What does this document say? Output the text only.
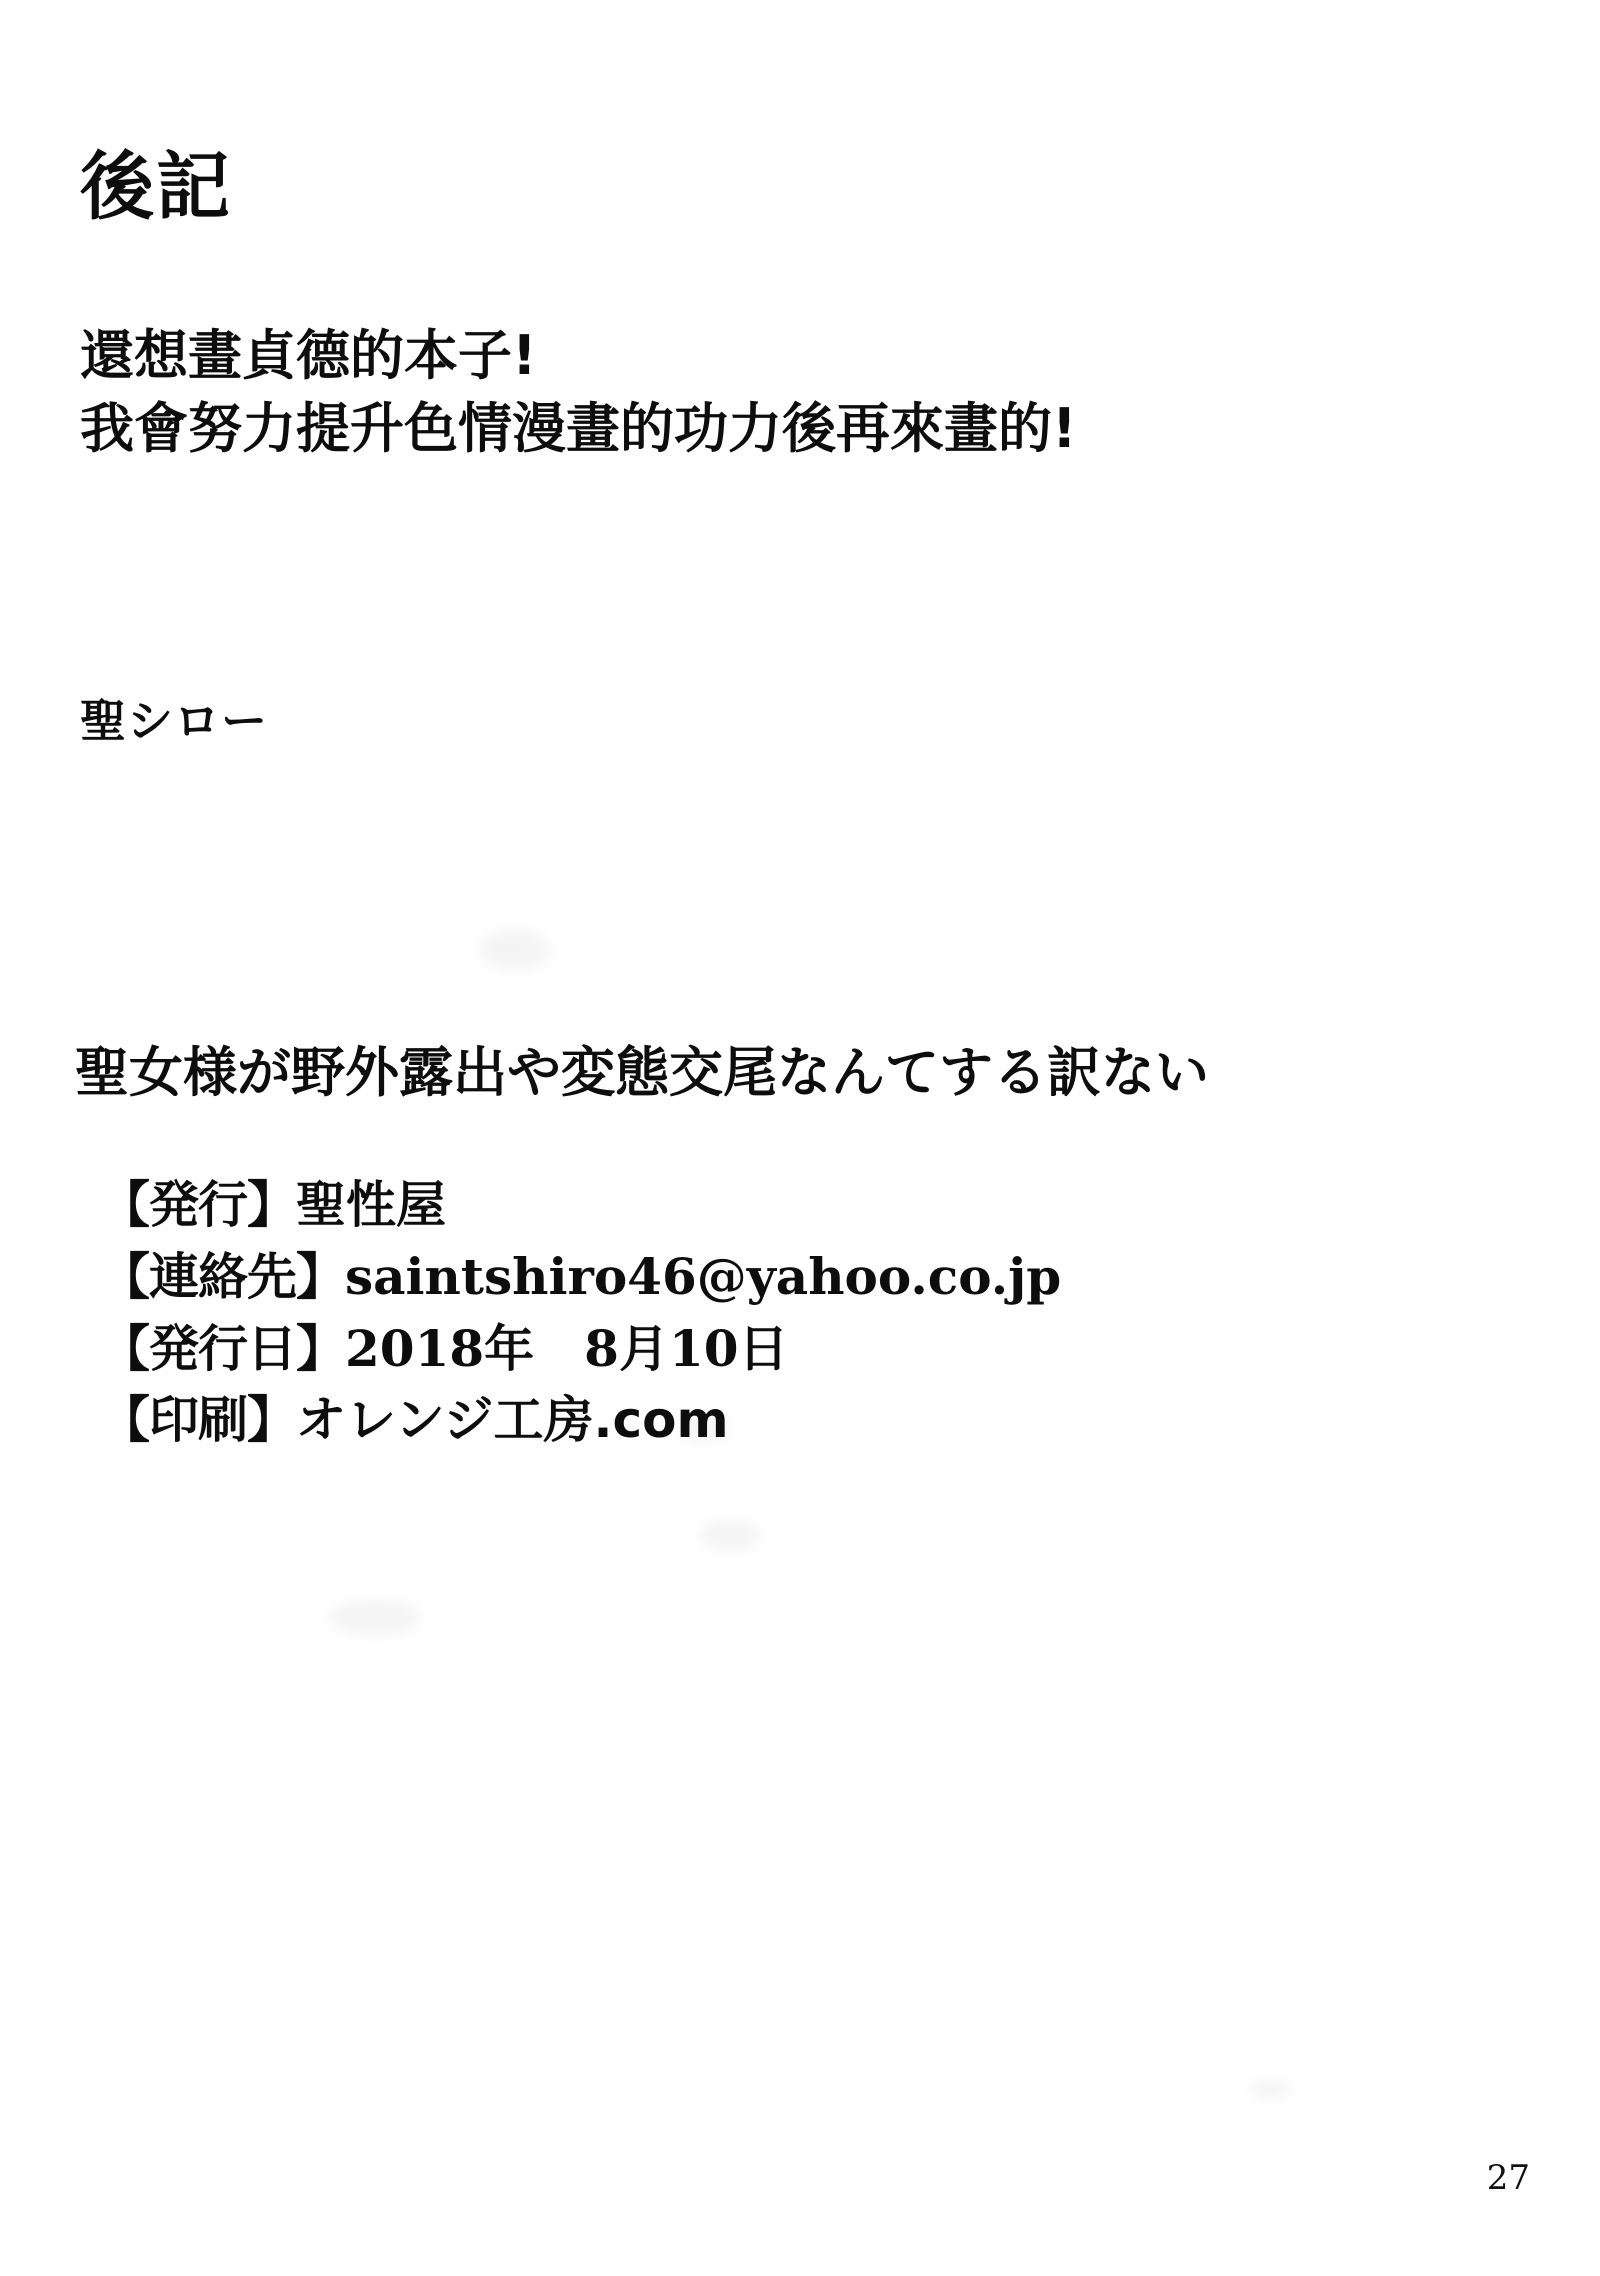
後記
還想畫貞德的本子!
我會努力提升色情漫畫的功力後再來畫的!
聖シロー
聖女様が野外露出や変態交尾なんてする訳ない
【発行】聖性屋
【連絡先】saintshiro46@yahoo.co.jp
【発行日】2018年　8月10日
【印刷】オレンジ工房.com
27
